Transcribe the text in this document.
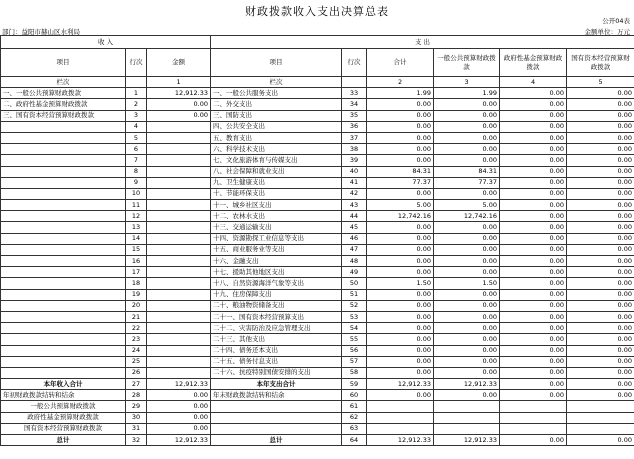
财政拨款收入支出决算总表
公开04表
金额单位：万元
部门：益阳市赫山区水利局
收 入			支 出					
项目	行次	金额	项目	行次	合计	一般公共预算财政拨款	政府性基金预算财政拨款	国有资本经营预算财政拨款
栏次		1	栏次		2	3	4	5
一、一般公共预算财政拨款	1	12,912.33	一、一般公共服务支出	33	1.99	1.99	0.00	0.00
二、政府性基金预算财政拨款	2	0.00	二、外交支出	34	0.00	0.00	0.00	0.00
三、国有资本经营预算财政拨款	3	0.00	三、国防支出	35	0.00	0.00	0.00	0.00
	4		四、公共安全支出	36	0.00	0.00	0.00	0.00
	5		五、教育支出	37	0.00	0.00	0.00	0.00
	6		六、科学技术支出	38	0.00	0.00	0.00	0.00
	7		七、文化旅游体育与传媒支出	39	0.00	0.00	0.00	0.00
	8		八、社会保障和就业支出	40	84.31	84.31	0.00	0.00
	9		九、卫生健康支出	41	77.37	77.37	0.00	0.00
	10		十、节能环保支出	42	0.00	0.00	0.00	0.00
	11		十一、城乡社区支出	43	5.00	5.00	0.00	0.00
	12		十二、农林水支出	44	12,742.16	12,742.16	0.00	0.00
	13		十三、交通运输支出	45	0.00	0.00	0.00	0.00
	14		十四、资源勘探工业信息等支出	46	0.00	0.00	0.00	0.00
	15		十五、商业服务业等支出	47	0.00	0.00	0.00	0.00
	16		十六、金融支出	48	0.00	0.00	0.00	0.00
	17		十七、援助其他地区支出	49	0.00	0.00	0.00	0.00
	18		十八、自然资源海洋气象等支出	50	1.50	1.50	0.00	0.00
	19		十九、住房保障支出	51	0.00	0.00	0.00	0.00
	20		二十、粮油物资储备支出	52	0.00	0.00	0.00	0.00
	21		二十一、国有资本经营预算支出	53	0.00	0.00	0.00	0.00
	22		二十二、灾害防治及应急管理支出	54	0.00	0.00	0.00	0.00
	23		二十三、其他支出	55	0.00	0.00	0.00	0.00
	24		二十四、债务还本支出	56	0.00	0.00	0.00	0.00
	25		二十五、债务付息支出	57	0.00	0.00	0.00	0.00
	26		二十六、抗疫特别国债安排的支出	58	0.00	0.00	0.00	0.00
本年收入合计	27	12,912.33	本年支出合计	59	12,912.33	12,912.33	0.00	0.00
年初财政拨款结转和结余	28	0.00	年末财政拨款结转和结余	60	0.00	0.00	0.00	0.00
一般公共预算财政拨款	29	0.00		61				
政府性基金预算财政拨款	30	0.00		62				
国有资本经营预算财政拨款	31	0.00		63				
总计	32	12,912.33	总计	64	12,912.33	12,912.33	0.00	0.00
